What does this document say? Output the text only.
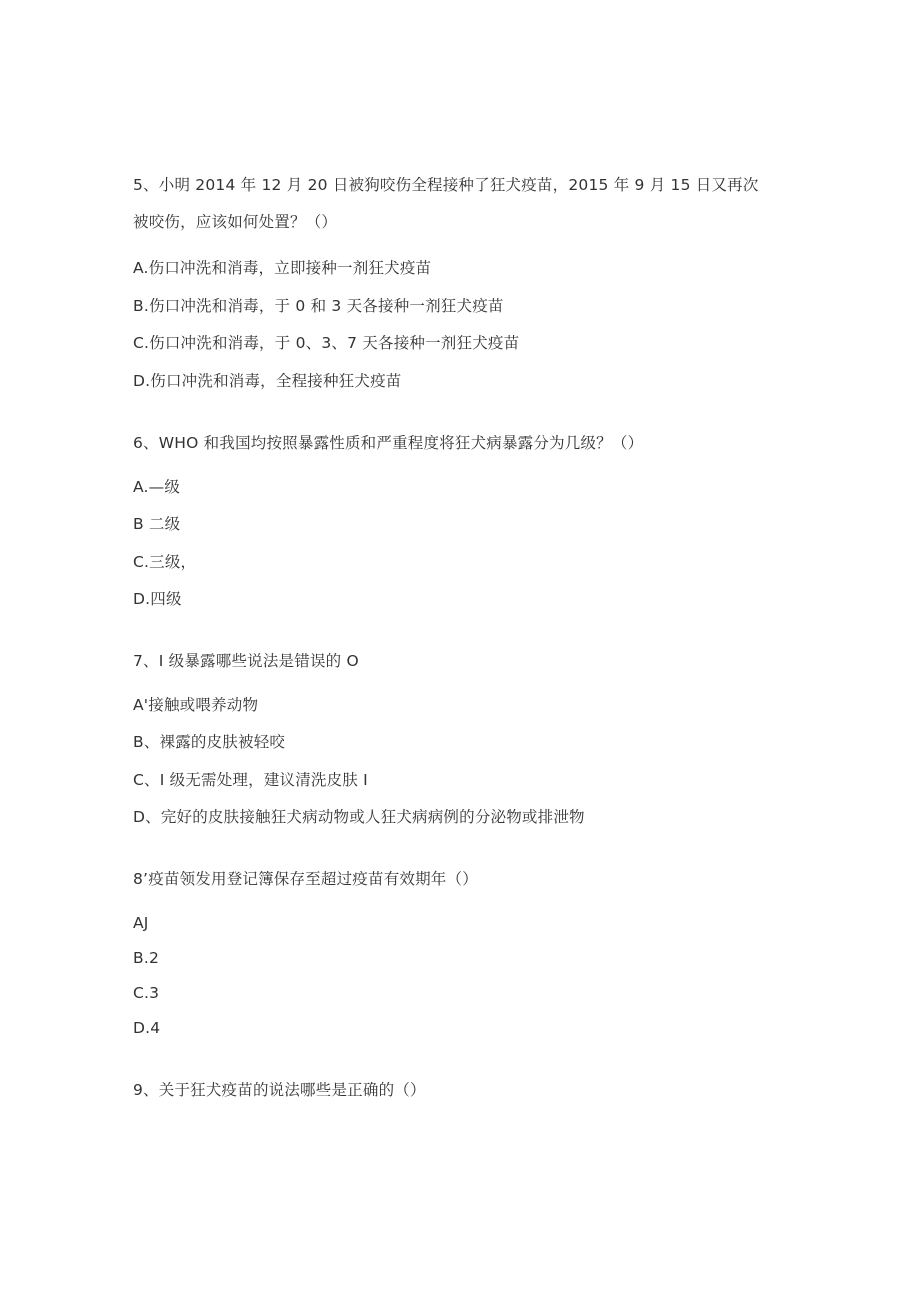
5、小明 2014 年 12 月 20 日被狗咬伤全程接种了狂犬疫苗，2015 年 9 月 15 日又再次
被咬伤，应该如何处置？（）
A.伤口冲洗和消毒，立即接种一剂狂犬疫苗
B.伤口冲洗和消毒，于 0 和 3 天各接种一剂狂犬疫苗
C.伤口冲洗和消毒，于 0、3、7 天各接种一剂狂犬疫苗
D.伤口冲洗和消毒，全程接种狂犬疫苗
6、WHO 和我国均按照暴露性质和严重程度将狂犬病暴露分为几级？（）
A.—级
B 二级
C.三级，
D.四级
7、I 级暴露哪些说法是错误的 O
A'接触或喂养动物
B、裸露的皮肤被轻咬
C、I 级无需处理，建议清洗皮肤 I
D、完好的皮肤接触狂犬病动物或人狂犬病病例的分泌物或排泄物
8’疫苗领发用登记簿保存至超过疫苗有效期年（）
AJ
B.2
C.3
D.4
9、关于狂犬疫苗的说法哪些是正确的（）
